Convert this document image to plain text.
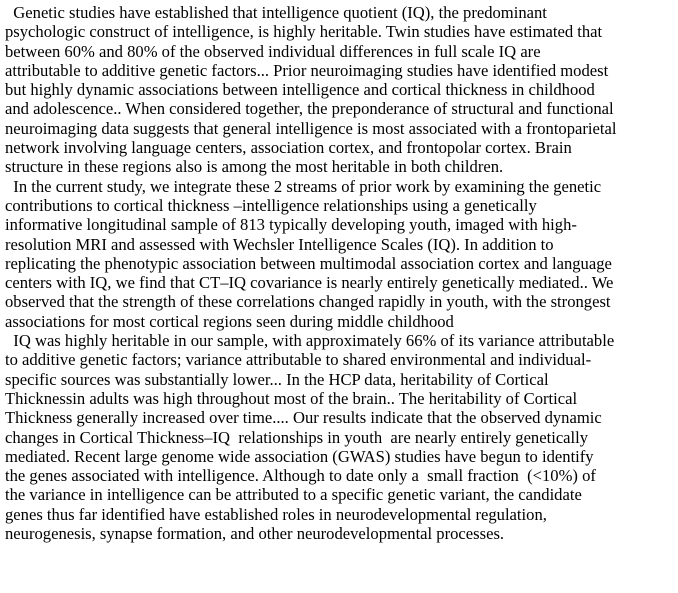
Genetic studies have established that intelligence quotient (IQ), the predominant
psychologic construct of intelligence, is highly heritable. Twin studies have estimated that
between 60% and 80% of the observed individual differences in full scale IQ are
attributable to additive genetic factors... Prior neuroimaging studies have identified modest
but highly dynamic associations between intelligence and cortical thickness in childhood
and adolescence.. When considered together, the preponderance of structural and functional
neuroimaging data suggests that general intelligence is most associated with a frontoparietal
network involving language centers, association cortex, and frontopolar cortex. Brain
structure in these regions also is among the most heritable in both children.

In the current study, we integrate these 2 streams of prior work by examining the genetic
contributions to cortical thickness –intelligence relationships using a genetically
informative longitudinal sample of 813 typically developing youth, imaged with high-
resolution MRI and assessed with Wechsler Intelligence Scales (IQ). In addition to
replicating the phenotypic association between multimodal association cortex and language
centers with IQ, we find that CT–IQ covariance is nearly entirely genetically mediated.. We
observed that the strength of these correlations changed rapidly in youth, with the strongest
associations for most cortical regions seen during middle childhood

IQ was highly heritable in our sample, with approximately 66% of its variance attributable
to additive genetic factors; variance attributable to shared environmental and individual-
specific sources was substantially lower... In the HCP data, heritability of Cortical
Thicknessin adults was high throughout most of the brain.. The heritability of Cortical
Thickness generally increased over time.... Our results indicate that the observed dynamic
changes in Cortical Thickness–IQ  relationships in youth  are nearly entirely genetically
mediated. Recent large genome wide association (GWAS) studies have begun to identify
the genes associated with intelligence. Although to date only a  small fraction  (<10%) of
the variance in intelligence can be attributed to a specific genetic variant, the candidate
genes thus far identified have established roles in neurodevelopmental regulation,
neurogenesis, synapse formation, and other neurodevelopmental processes.
